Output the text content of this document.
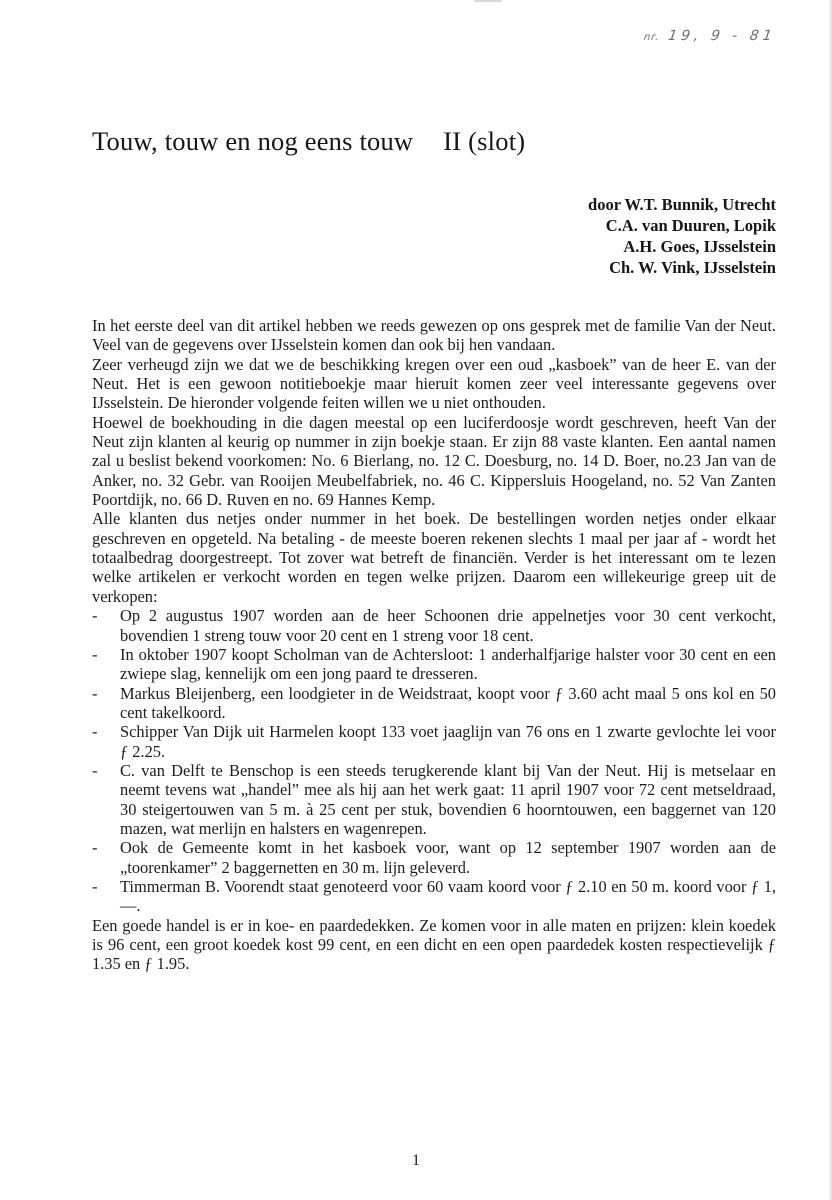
nr. 19, 9 - 81
Touw, touw en nog eens touw II (slot)
door W.T. Bunnik, Utrecht
C.A. van Duuren, Lopik
A.H. Goes, IJsselstein
Ch. W. Vink, IJsselstein

In het eerste deel van dit artikel hebben we reeds gewezen op ons gesprek met de familie Van der Neut. Veel van de gegevens over IJsselstein komen dan ook bij hen vandaan.

Zeer verheugd zijn we dat we de beschikking kregen over een oud „kasboek” van de heer E. van der Neut. Het is een gewoon notitieboekje maar hieruit komen zeer veel interessante gegevens over IJsselstein. De hieronder volgende feiten willen we u niet onthouden.

Hoewel de boekhouding in die dagen meestal op een luciferdoosje wordt geschreven, heeft Van der Neut zijn klanten al keurig op nummer in zijn boekje staan. Er zijn 88 vaste klanten. Een aantal namen zal u beslist bekend voorkomen: No. 6 Bierlang, no. 12 C. Doesburg, no. 14 D. Boer, no.23 Jan van de Anker, no. 32 Gebr. van Rooijen Meubelfabriek, no. 46 C. Kippersluis Hoogeland, no. 52 Van Zanten Poortdijk, no. 66 D. Ruven en no. 69 Hannes Kemp.

Alle klanten dus netjes onder nummer in het boek. De bestellingen worden netjes onder elkaar geschreven en opgeteld. Na betaling - de meeste boeren rekenen slechts 1 maal per jaar af - wordt het totaalbedrag doorgestreept. Tot zover wat betreft de financiën. Verder is het interessant om te lezen welke artikelen er verkocht worden en tegen welke prijzen. Daarom een willekeurige greep uit de verkopen:

- Op 2 augustus 1907 worden aan de heer Schoonen drie appelnetjes voor 30 cent verkocht, bovendien 1 streng touw voor 20 cent en 1 streng voor 18 cent.
- In oktober 1907 koopt Scholman van de Achtersloot: 1 anderhalfjarige halster voor 30 cent en een zwiepe slag, kennelijk om een jong paard te dresseren.
- Markus Bleijenberg, een loodgieter in de Weidstraat, koopt voor ƒ 3.60 acht maal 5 ons kol en 50 cent takelkoord.
- Schipper Van Dijk uit Harmelen koopt 133 voet jaaglijn van 76 ons en 1 zwarte gevlochte lei voor ƒ 2.25.
- C. van Delft te Benschop is een steeds terugkerende klant bij Van der Neut. Hij is metselaar en neemt tevens wat „handel” mee als hij aan het werk gaat: 11 april 1907 voor 72 cent metseldraad, 30 steigertouwen van 5 m. à 25 cent per stuk, bovendien 6 hoorntouwen, een baggernet van 120 mazen, wat merlijn en halsters en wagenrepen.
- Ook de Gemeente komt in het kasboek voor, want op 12 september 1907 worden aan de „toorenkamer” 2 baggernetten en 30 m. lijn geleverd.
- Timmerman B. Voorendt staat genoteerd voor 60 vaam koord voor ƒ 2.10 en 50 m. koord voor ƒ 1,—.

Een goede handel is er in koe- en paardedekken. Ze komen voor in alle maten en prijzen: klein koedek is 96 cent, een groot koedek kost 99 cent, en een dicht en een open paardedek kosten respectievelijk ƒ 1.35 en ƒ 1.95.

1
